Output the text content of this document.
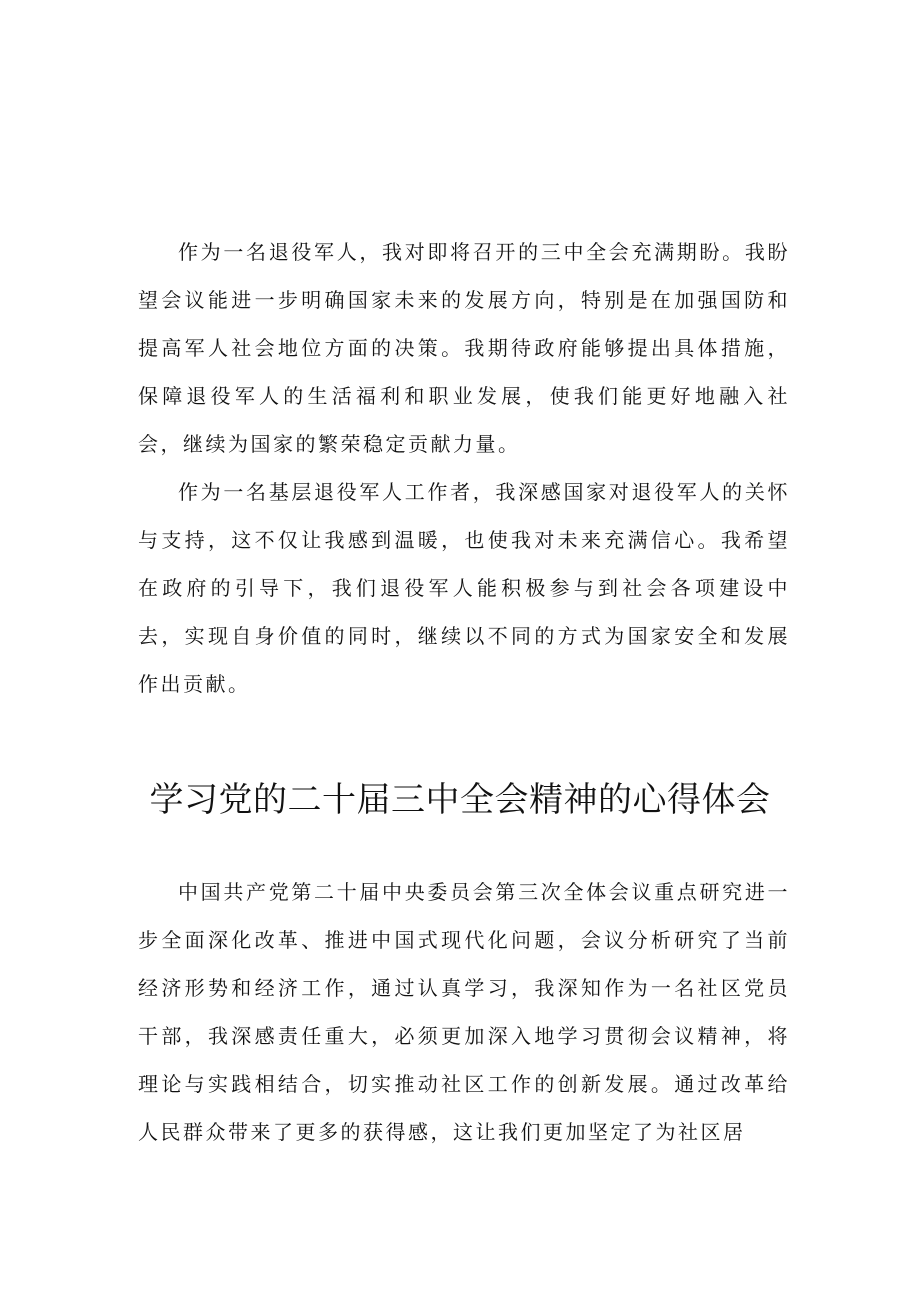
作为一名退役军人，我对即将召开的三中全会充满期盼。我盼望会议能进一步明确国家未来的发展方向，特别是在加强国防和提高军人社会地位方面的决策。我期待政府能够提出具体措施，保障退役军人的生活福利和职业发展，使我们能更好地融入社会，继续为国家的繁荣稳定贡献力量。

作为一名基层退役军人工作者，我深感国家对退役军人的关怀与支持，这不仅让我感到温暖，也使我对未来充满信心。我希望在政府的引导下，我们退役军人能积极参与到社会各项建设中去，实现自身价值的同时，继续以不同的方式为国家安全和发展作出贡献。

学习党的二十届三中全会精神的心得体会

中国共产党第二十届中央委员会第三次全体会议重点研究进一步全面深化改革、推进中国式现代化问题，会议分析研究了当前经济形势和经济工作，通过认真学习，我深知作为一名社区党员干部，我深感责任重大，必须更加深入地学习贯彻会议精神，将理论与实践相结合，切实推动社区工作的创新发展。通过改革给人民群众带来了更多的获得感，这让我们更加坚定了为社区居
